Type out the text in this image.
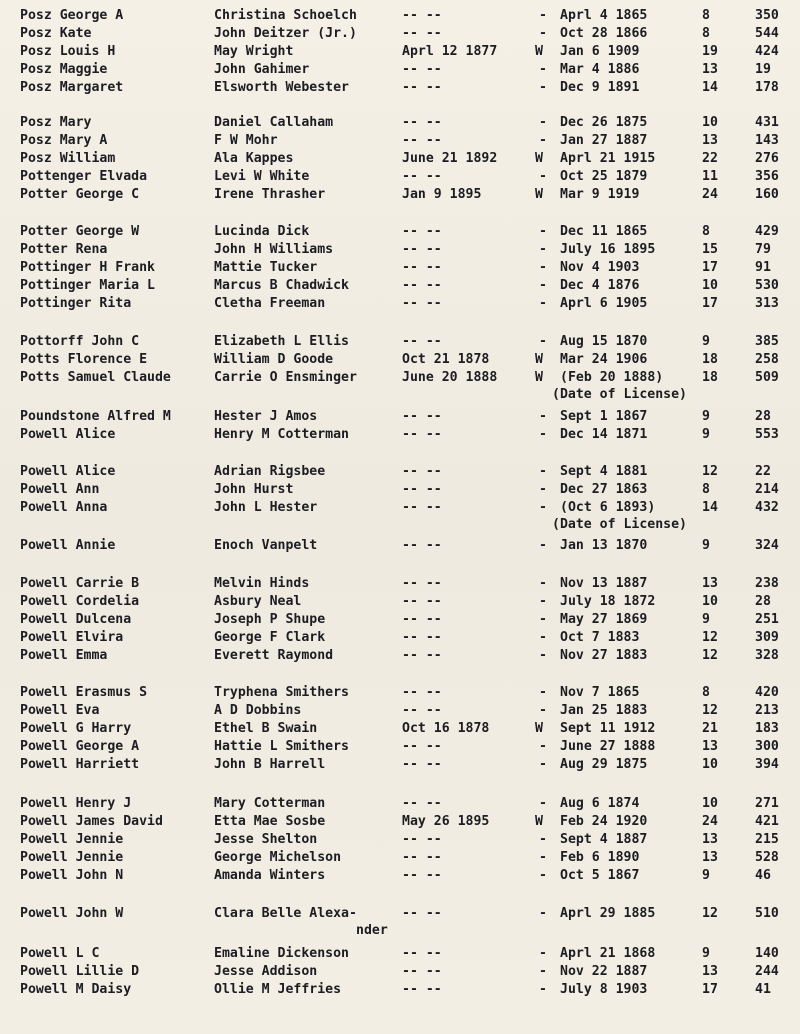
Posz George A	Christina Schoelch	-- --	Aprl 4 1865	8	350
-
Posz Kate	John Deitzer (Jr.)	-- --	Oct 28 1866	8	544
-
Posz Louis H	May Wright	Aprl 12 1877	W Jan 6 1909	19	424
Posz Maggie	John Gahimer	-- --	Mar 4 1886	13	19
-
Posz Margaret	Elsworth Webester	-- --	Dec 9 1891	14	178
-
Posz Mary	Daniel Callaham	-- --	Dec 26 1875	10	431
-
Posz Mary A	F W Mohr	-- --	Jan 27 1887	13	143
-
Posz William	Ala Kappes	June 21 1892	W Aprl 21 1915	22	276
Pottenger Elvada	Levi W White	-- --	Oct 25 1879	11	356
-
Potter George C	Irene Thrasher	Jan 9 1895	W Mar 9 1919	24	160
Potter George W	Lucinda Dick	-- --	Dec 11 1865	8	429
-
Potter Rena	John H Williams	-- --	July 16 1895	15	79
-
Pottinger H Frank	Mattie Tucker	-- --	Nov 4 1903	17	91
-
Pottinger Maria L	Marcus B Chadwick	-- --	Dec 4 1876	10	530
-
Pottinger Rita	Cletha Freeman	-- --	Aprl 6 1905	17	313
-
Pottorff John C	Elizabeth L Ellis	-- --	Aug 15 1870	9	385
-
Potts Florence E	William D Goode	Oct 21 1878	W Mar 24 1906	18	258
Potts Samuel Claude	Carrie O Ensminger	June 20 1888	W (Feb 20 1888)	18	509
(Date of License)
Poundstone Alfred M	Hester J Amos	-- --	Sept 1 1867	9	28
-
Powell Alice	Henry M Cotterman	-- --	Dec 14 1871	9	553
-
Powell Alice	Adrian Rigsbee	-- --	Sept 4 1881	12	22
-
Powell Ann	John Hurst	-- --	Dec 27 1863	8	214
-
Powell Anna	John L Hester	-- --	(Oct 6 1893)	14	432
-
(Date of License)
Powell Annie	Enoch Vanpelt	-- --	Jan 13 1870	9	324
-
Powell Carrie B	Melvin Hinds	-- --	Nov 13 1887	13	238
-
Powell Cordelia	Asbury Neal	-- --	July 18 1872	10	28
-
Powell Dulcena	Joseph P Shupe	-- --	May 27 1869	9	251
-
Powell Elvira	George F Clark	-- --	Oct 7 1883	12	309
-
Powell Emma	Everett Raymond	-- --	Nov 27 1883	12	328
-
Powell Erasmus S	Tryphena Smithers	-- --	Nov 7 1865	8	420
-
Powell Eva	A D Dobbins	-- --	Jan 25 1883	12	213
-
Powell G Harry	Ethel B Swain	Oct 16 1878	W Sept 11 1912	21	183
Powell George A	Hattie L Smithers	-- --	June 27 1888	13	300
-
Powell Harriett	John B Harrell	-- --	Aug 29 1875	10	394
-
Powell Henry J	Mary Cotterman	-- --	Aug 6 1874	10	271
-
Powell James David	Etta Mae Sosbe	May 26 1895	W Feb 24 1920	24	421
Powell Jennie	Jesse Shelton	-- --	Sept 4 1887	13	215
-
Powell Jennie	George Michelson	-- --	Feb 6 1890	13	528
-
Powell John N	Amanda Winters	-- --	Oct 5 1867	9	46
-
Powell John W	Clara Belle Alexa-	-- --	Aprl 29 1885	12	510
-
nder
Powell L C	Emaline Dickenson	-- --	Aprl 21 1868	9	140
-
Powell Lillie D	Jesse Addison	-- --	Nov 22 1887	13	244
-
Powell M Daisy	Ollie M Jeffries	-- --	July 8 1903	17	41
-
